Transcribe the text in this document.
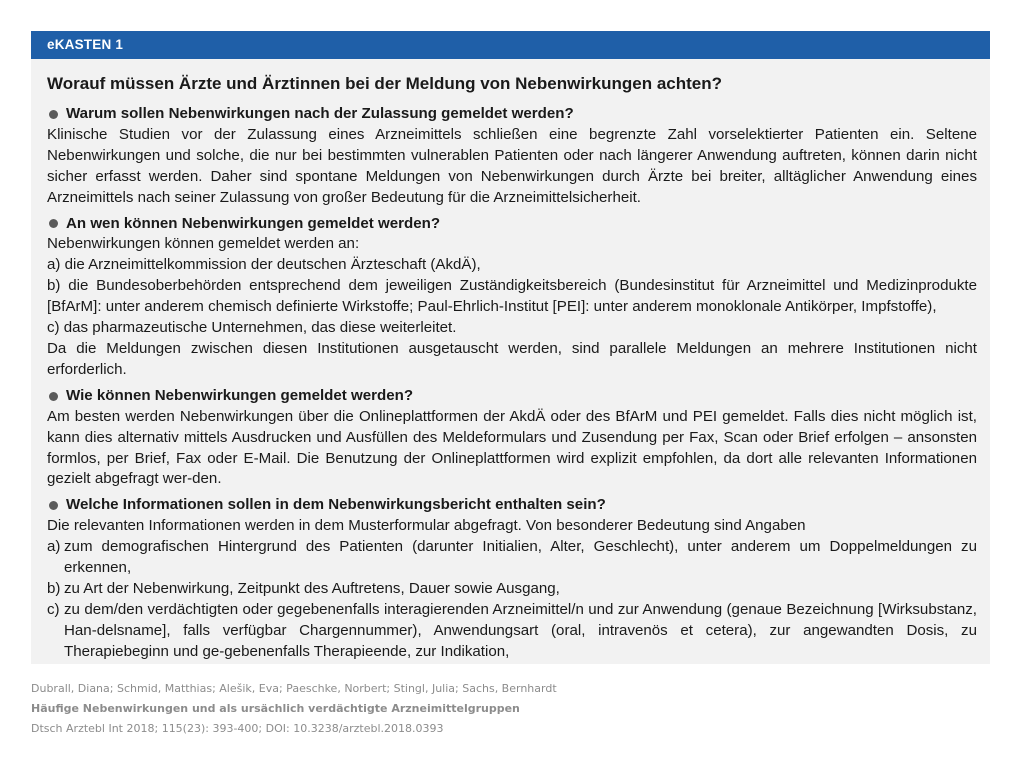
eKASTEN 1
Worauf müssen Ärzte und Ärztinnen bei der Meldung von Nebenwirkungen achten?
Warum sollen Nebenwirkungen nach der Zulassung gemeldet werden?
Klinische Studien vor der Zulassung eines Arzneimittels schließen eine begrenzte Zahl vorselektierter Patienten ein. Seltene Nebenwirkungen und solche, die nur bei bestimmten vulnerablen Patienten oder nach längerer Anwendung auftreten, können darin nicht sicher erfasst werden. Daher sind spontane Meldungen von Nebenwirkungen durch Ärzte bei breiter, alltäglicher Anwendung eines Arzneimittels nach seiner Zulassung von großer Bedeutung für die Arzneimittelsicherheit.
An wen können Nebenwirkungen gemeldet werden?
Nebenwirkungen können gemeldet werden an:
a) die Arzneimittelkommission der deutschen Ärzteschaft (AkdÄ),
b) die Bundesoberbehörden entsprechend dem jeweiligen Zuständigkeitsbereich (Bundesinstitut für Arzneimittel und Medizinprodukte [BfArM]: unter anderem chemisch definierte Wirkstoffe; Paul-Ehrlich-Institut [PEI]: unter anderem monoklonale Antikörper, Impfstoffe),
c) das pharmazeutische Unternehmen, das diese weiterleitet.
Da die Meldungen zwischen diesen Institutionen ausgetauscht werden, sind parallele Meldungen an mehrere Institutionen nicht erforderlich.
Wie können Nebenwirkungen gemeldet werden?
Am besten werden Nebenwirkungen über die Onlineplattformen der AkdÄ oder des BfArM und PEI gemeldet. Falls dies nicht möglich ist, kann dies alternativ mittels Ausdrucken und Ausfüllen des Meldeformulars und Zusendung per Fax, Scan oder Brief erfolgen – ansonsten formlos, per Brief, Fax oder E-Mail. Die Benutzung der Onlineplattformen wird explizit empfohlen, da dort alle relevanten Informationen gezielt abgefragt wer-den.
Welche Informationen sollen in dem Nebenwirkungsbericht enthalten sein?
Die relevanten Informationen werden in dem Musterformular abgefragt. Von besonderer Bedeutung sind Angaben
a) zum demografischen Hintergrund des Patienten (darunter Initialien, Alter, Geschlecht), unter anderem um Doppelmeldungen zu erkennen,
b) zu Art der Nebenwirkung, Zeitpunkt des Auftretens, Dauer sowie Ausgang,
c) zu dem/den verdächtigten oder gegebenenfalls interagierenden Arzneimittel/n und zur Anwendung (genaue Bezeichnung [Wirksubstanz, Han-delsname], falls verfügbar Chargennummer), Anwendungsart (oral, intravenös et cetera), zur angewandten Dosis, zu Therapiebeginn und ge-gebenenfalls Therapieende, zur Indikation,
Dubrall, Diana; Schmid, Matthias; Alešik, Eva; Paeschke, Norbert; Stingl, Julia; Sachs, Bernhardt
Häufige Nebenwirkungen und als ursächlich verdächtigte Arzneimittelgruppen
Dtsch Arztebl Int 2018; 115(23): 393-400; DOI: 10.3238/arztebl.2018.0393
